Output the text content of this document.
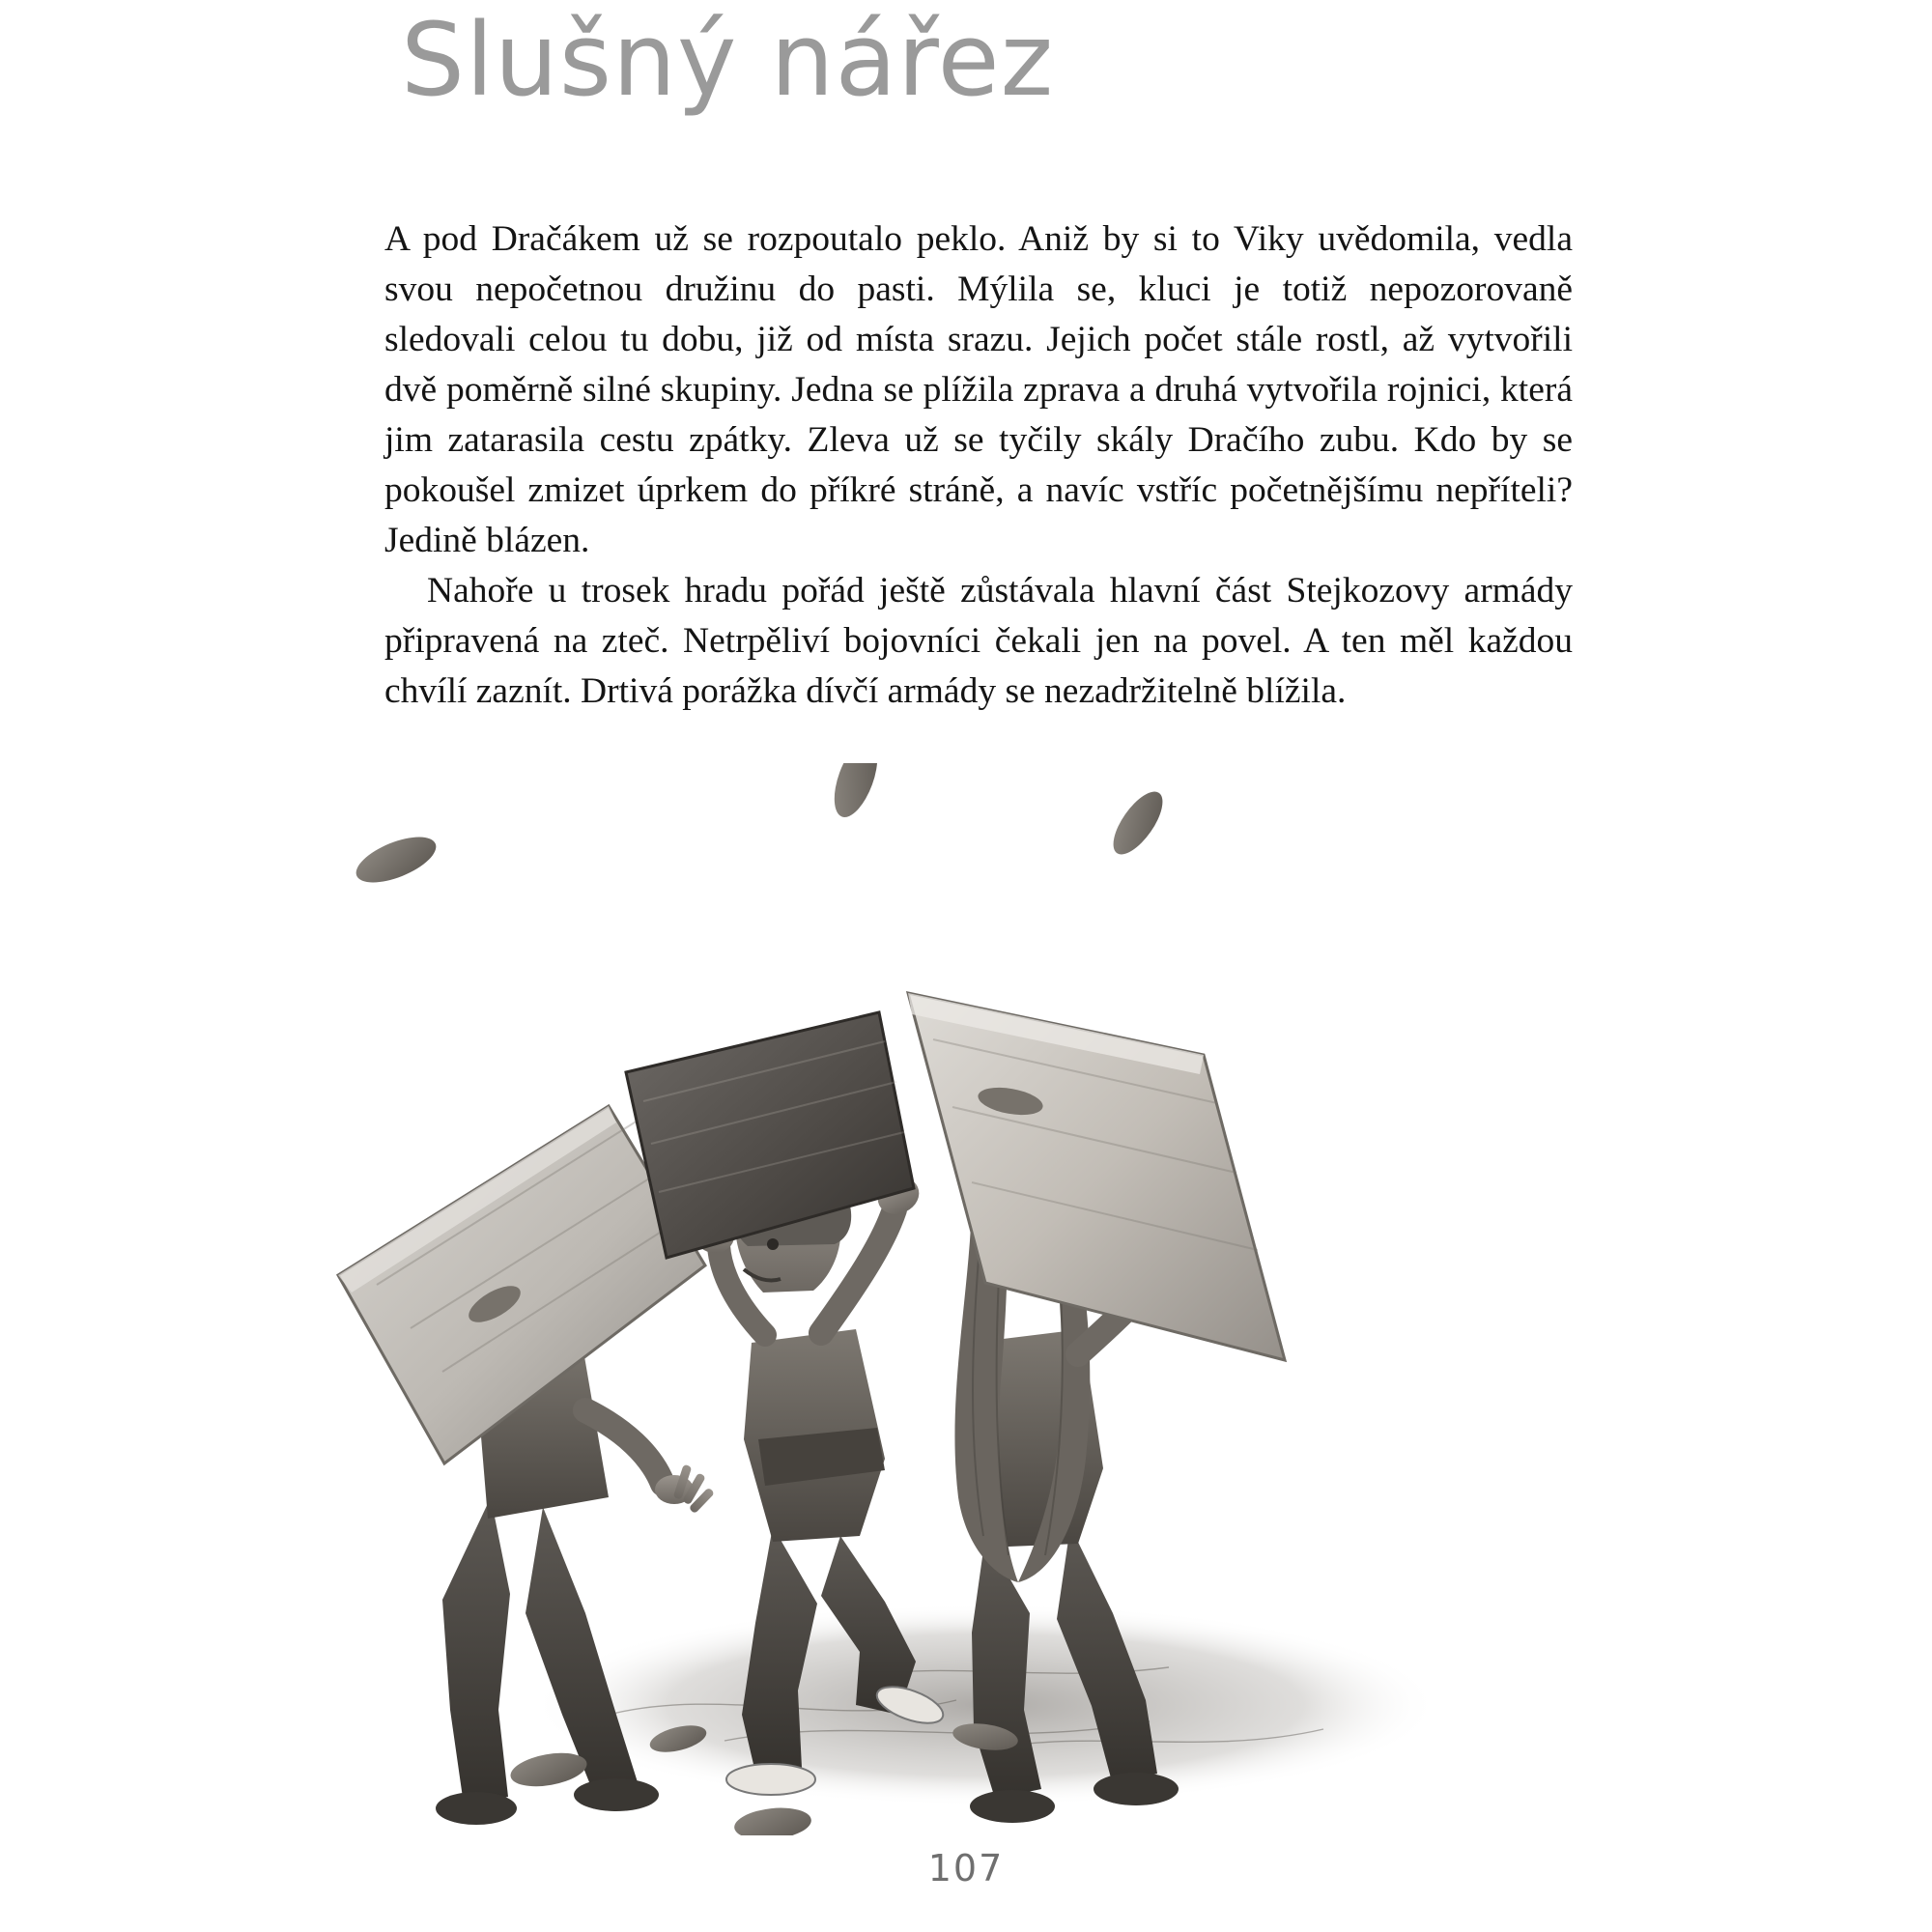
Slušný nářez

A pod Dračákem už se rozpoutalo peklo. Aniž by si to Viky uvědomila, vedla svou nepočetnou družinu do pasti. Mýlila se, kluci je totiž nepozorovaně sledovali celou tu dobu, již od místa srazu. Jejich počet stále rostl, až vytvořili dvě poměrně silné skupiny. Jedna se plížila zprava a druhá vytvořila rojnici, která jim zatarasila cestu zpátky. Zleva už se tyčily skály Dračího zubu. Kdo by se pokoušel zmizet úprkem do příkré stráně, a navíc vstříc početnějšímu nepříteli? Jedině blázen.

Nahoře u trosek hradu pořád ještě zůstávala hlavní část Stejkozovy armády připravená na zteč. Netrpěliví bojovníci čekali jen na povel. A ten měl každou chvílí zaznít. Drtivá porážka dívčí armády se nezadržitelně blížila.

107
